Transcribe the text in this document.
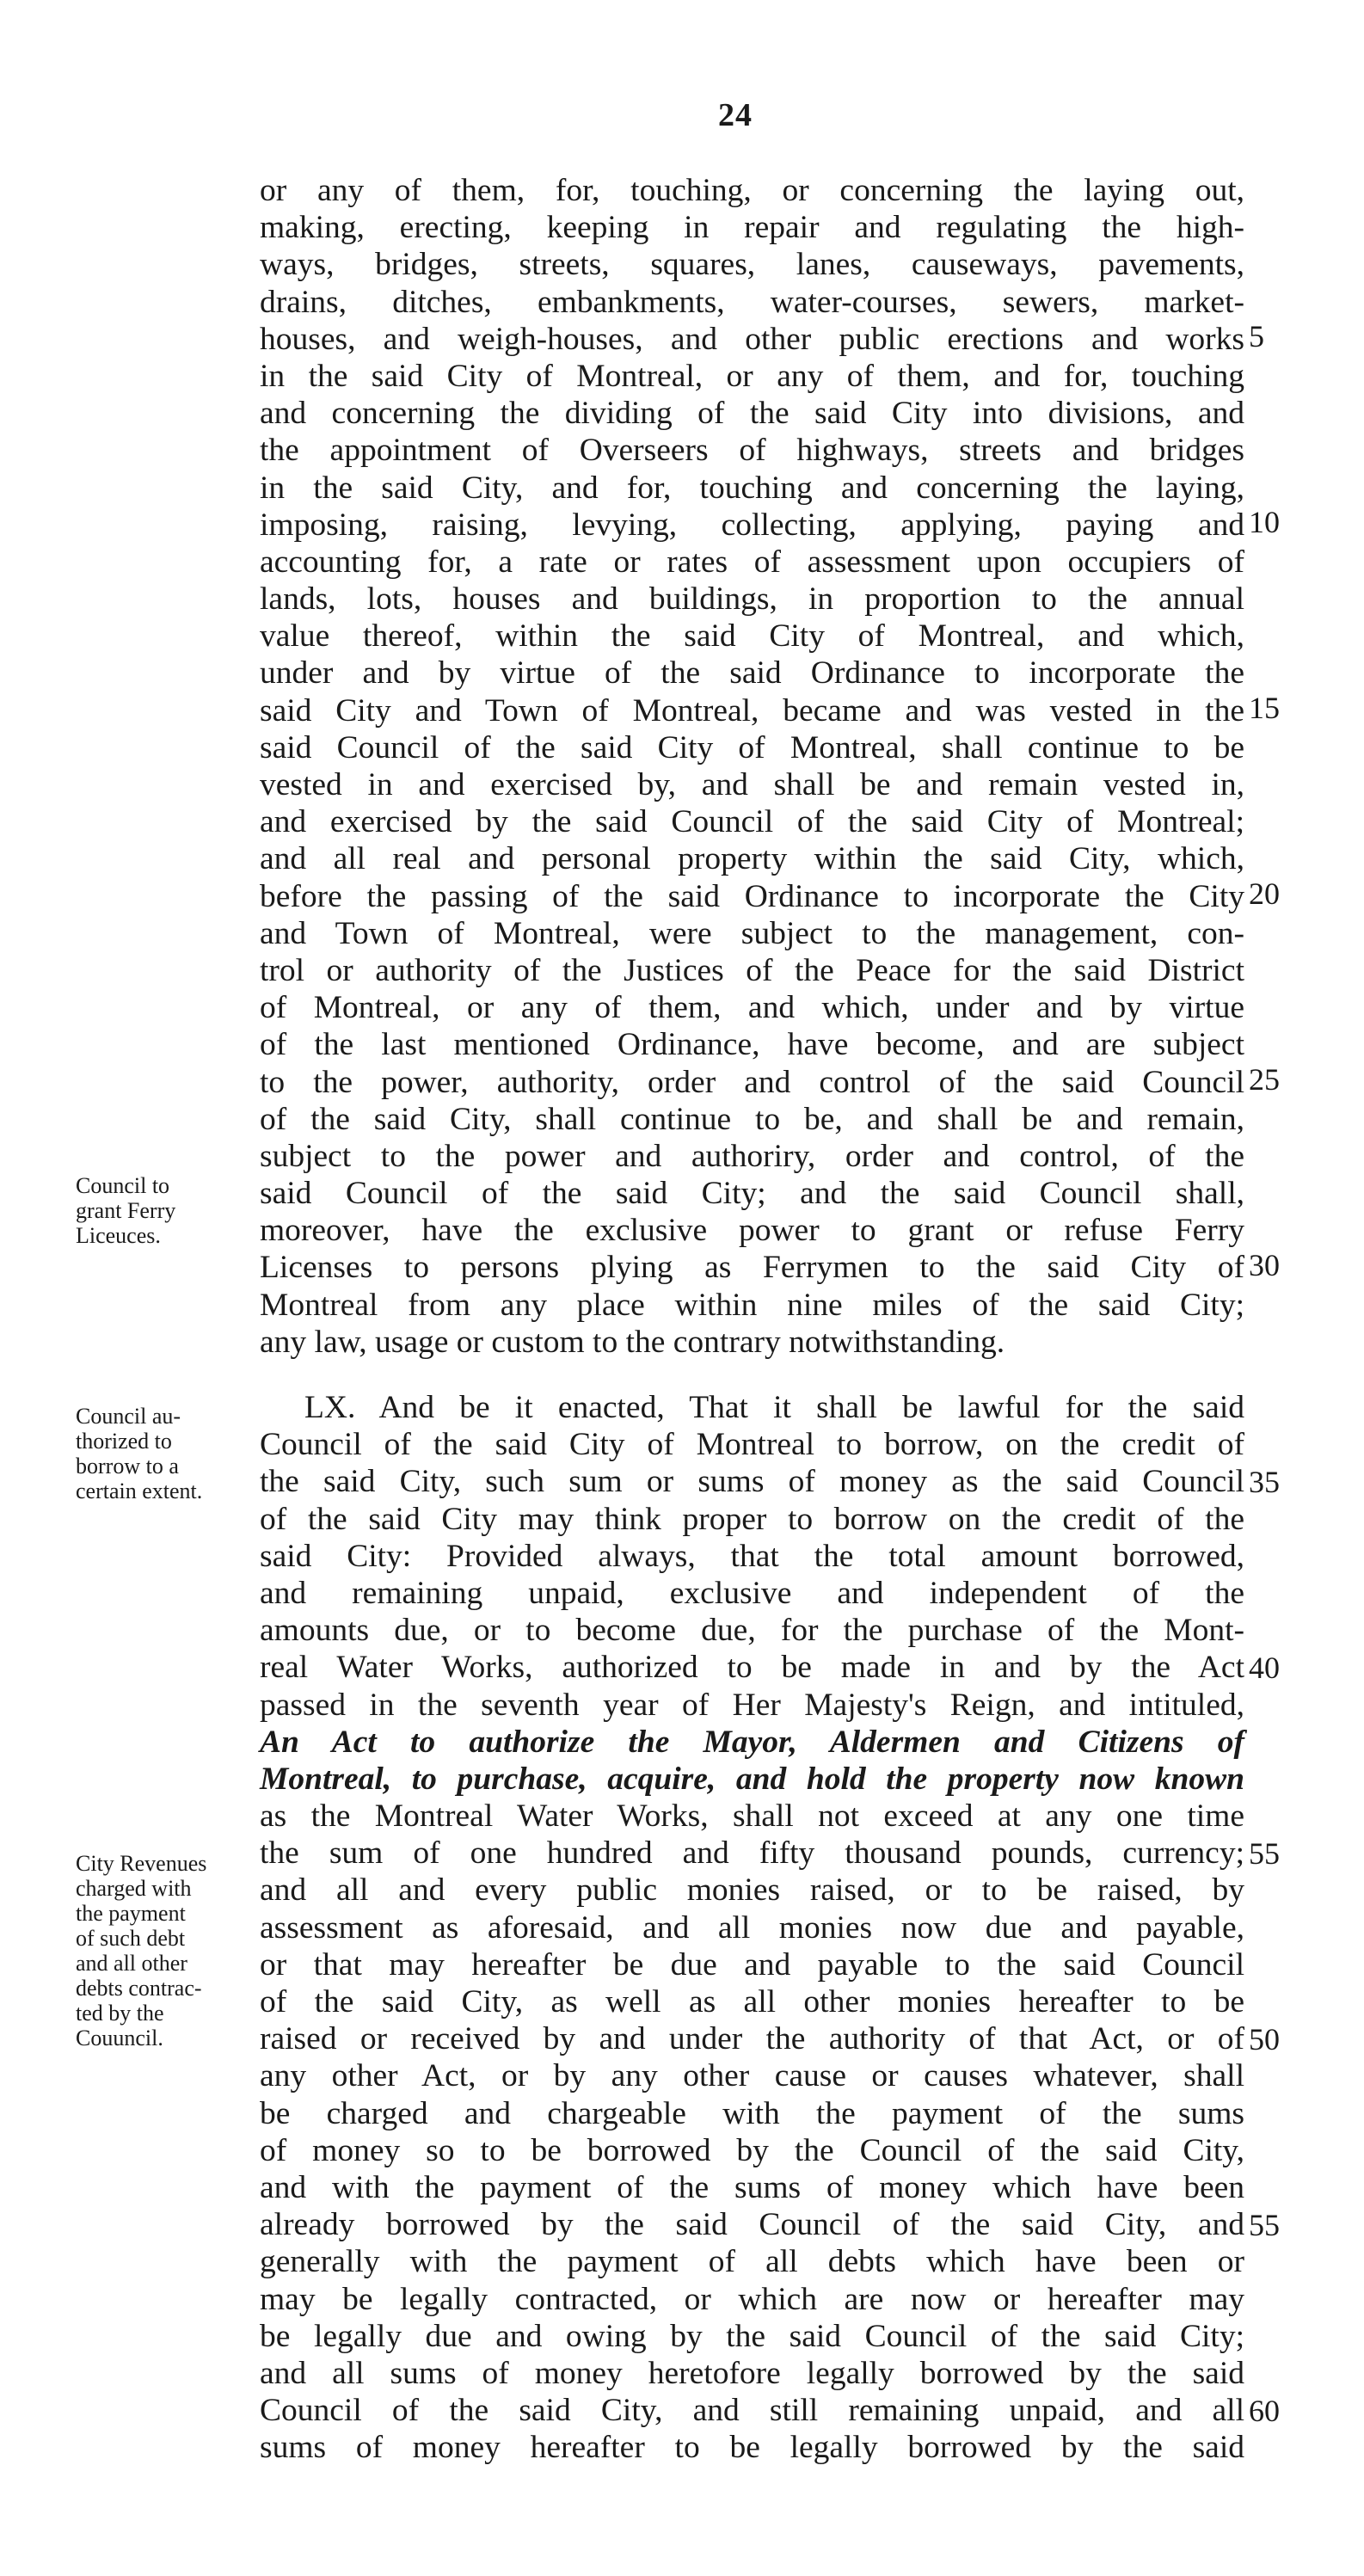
24
or any of them, for, touching, or concerning the laying out,
making, erecting, keeping in repair and regulating the high-
ways, bridges, streets, squares, lanes, causeways, pavements,
drains, ditches, embankments, water-courses, sewers, market-
houses, and weigh-houses, and other public erections and works
in the said City of Montreal, or any of them, and for, touching
and concerning the dividing of the said City into divisions, and
the appointment of Overseers of highways, streets and bridges
in the said City, and for, touching and concerning the laying,
imposing, raising, levying, collecting, applying, paying and
accounting for, a rate or rates of assessment upon occupiers of
lands, lots, houses and buildings, in proportion to the annual
value thereof, within the said City of Montreal, and which,
under and by virtue of the said Ordinance to incorporate the
said City and Town of Montreal, became and was vested in the
said Council of the said City of Montreal, shall continue to be
vested in and exercised by, and shall be and remain vested in,
and exercised by the said Council of the said City of Montreal;
and all real and personal property within the said City, which,
before the passing of the said Ordinance to incorporate the City
and Town of Montreal, were subject to the management, con-
trol or authority of the Justices of the Peace for the said District
of Montreal, or any of them, and which, under and by virtue
of the last mentioned Ordinance, have become, and are subject
to the power, authority, order and control of the said Council
of the said City, shall continue to be, and shall be and remain,
subject to the power and authoriry, order and control, of the
said Council of the said City; and the said Council shall,
moreover, have the exclusive power to grant or refuse Ferry
Licenses to persons plying as Ferrymen to the said City of
Montreal from any place within nine miles of the said City;
any law, usage or custom to the contrary notwithstanding.
LX. And be it enacted, That it shall be lawful for the said
Council of the said City of Montreal to borrow, on the credit of
the said City, such sum or sums of money as the said Council
of the said City may think proper to borrow on the credit of the
said City: Provided always, that the total amount borrowed,
and remaining unpaid, exclusive and independent of the
amounts due, or to become due, for the purchase of the Mont-
real Water Works, authorized to be made in and by the Act
passed in the seventh year of Her Majesty's Reign, and intituled,
An Act to authorize the Mayor, Aldermen and Citizens of
Montreal, to purchase, acquire, and hold the property now known
as the Montreal Water Works, shall not exceed at any one time
the sum of one hundred and fifty thousand pounds, currency;
and all and every public monies raised, or to be raised, by
assessment as aforesaid, and all monies now due and payable,
or that may hereafter be due and payable to the said Council
of the said City, as well as all other monies hereafter to be
raised or received by and under the authority of that Act, or of
any other Act, or by any other cause or causes whatever, shall
be charged and chargeable with the payment of the sums
of money so to be borrowed by the Council of the said City,
and with the payment of the sums of money which have been
already borrowed by the said Council of the said City, and
generally with the payment of all debts which have been or
may be legally contracted, or which are now or hereafter may
be legally due and owing by the said Council of the said City;
and all sums of money heretofore legally borrowed by the said
Council of the said City, and still remaining unpaid, and all
sums of money hereafter to be legally borrowed by the said
5
10
15
20
25
30
35
40
55
50
55
60
Council to
grant Ferry
Liceuces.
Council au-
thorized to
borrow to a
certain extent.
City Revenues
charged with
the payment
of such debt
and all other
debts contrac-
ted by the
Couuncil.
